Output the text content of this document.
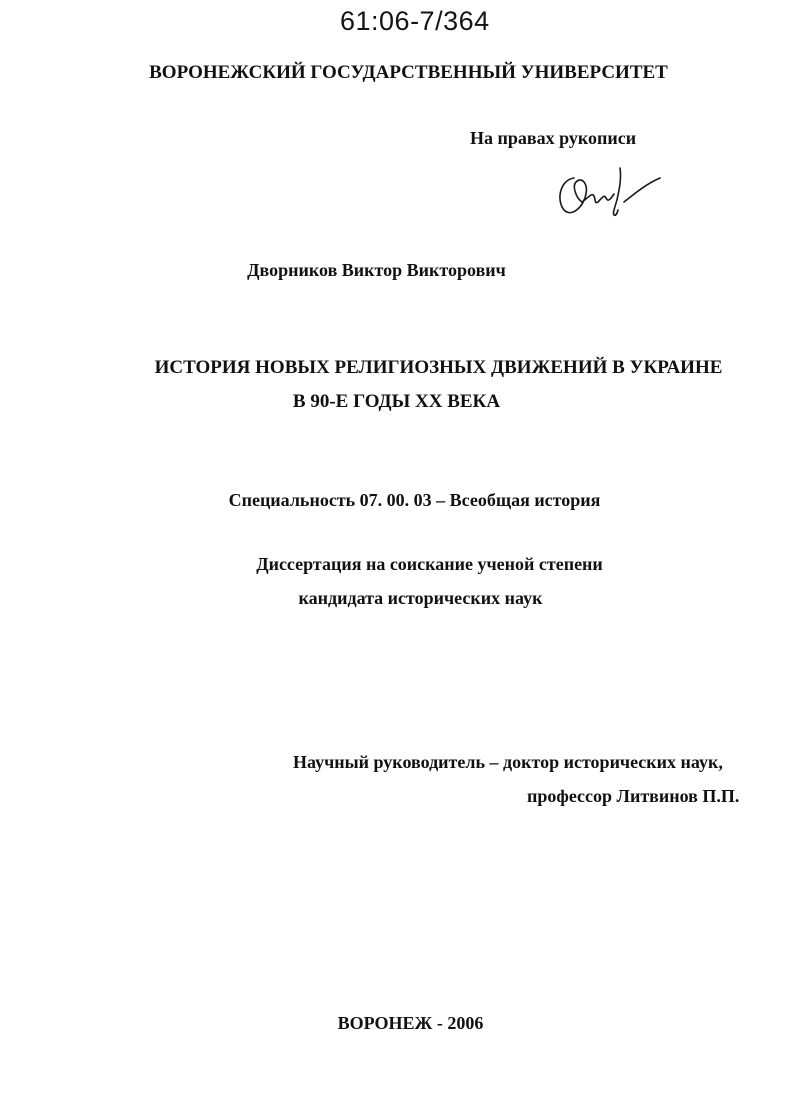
61:06-7/364
ВОРОНЕЖСКИЙ ГОСУДАРСТВЕННЫЙ УНИВЕРСИТЕТ
На правах рукописи
Дворников Виктор Викторович
ИСТОРИЯ НОВЫХ РЕЛИГИОЗНЫХ ДВИЖЕНИЙ В УКРАИНЕ
В 90-Е ГОДЫ XX ВЕКА
Специальность 07. 00. 03 – Всеобщая история
Диссертация на соискание ученой степени
кандидата исторических наук
Научный руководитель – доктор исторических наук,
профессор Литвинов П.П.
ВОРОНЕЖ - 2006
